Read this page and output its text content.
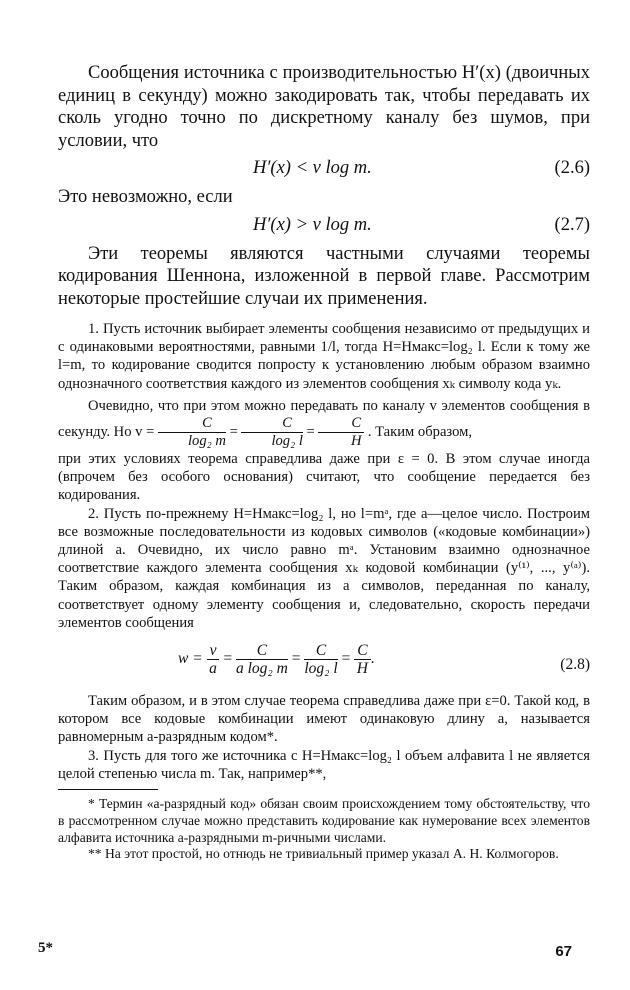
Сообщения источника с производительностью H′(x) (двоичных единиц в секунду) можно закодировать так, чтобы передавать их сколь угодно точно по дискретному каналу без шумов, при условии, что

H′(x) < v log m.	(2.6)

Это невозможно, если

H′(x) > v log m.	(2.7)

Эти теоремы являются частными случаями теоремы кодирования Шеннона, изложенной в первой главе. Рассмотрим некоторые простейшие случаи их применения.

1. Пусть источник выбирает элементы сообщения независимо от предыдущих и с одинаковыми вероятностями, равными 1/l, тогда H=Hмакс=log₂ l. Если к тому же l=m, то кодирование сводится попросту к установлению любым образом взаимно однозначного соответствия каждого из элементов сообщения xₖ символу кода yₖ.

Очевидно, что при этом можно передавать по каналу v элементов сообщения в секунду. Но $v = \frac{C}{\text{log₂ m}} = \frac{C}{\text{log₂ l}} = \frac{C}{H}$ . Таким образом,

при этих условиях теорема справедлива даже при ε = 0. В этом случае иногда (впрочем без особого основания) считают, что сообщение передается без кодирования.

2. Пусть по-прежнему H=Hмакс=log₂ l, но l=mᵃ, где a—целое число. Построим все возможные последовательности из кодовых символов («кодовые комбинации») длиной a. Очевидно, их число равно mᵃ. Установим взаимно однозначное соответствие каждого элемента сообщения xₖ кодовой комбинации (y⁽¹⁾, ..., y⁽ᵃ⁾). Таким образом, каждая комбинация из a символов, переданная по каналу, соответствует одному элементу сообщения и, следовательно, скорость передачи элементов сообщения

$w = \frac{v}{a} = \frac{C}{\text{a log₂ m}} = \frac{C}{\text{log₂ l}} = \frac{C}{H}$ .	(2.8)

Таким образом, и в этом случае теорема справедлива даже при ε=0. Такой код, в котором все кодовые комбинации имеют одинаковую длину a, называется равномерным a-разрядным кодом*.

3. Пусть для того же источника с H=Hмакс=log₂ l объем алфавита l не является целой степенью числа m. Так, например**,

* Термин «a-разрядный код» обязан своим происхождением тому обстоятельству, что в рассмотренном случае можно представить кодирование как нумерование всех элементов алфавита источника a-разрядными m-ричными числами.

** На этот простой, но отнюдь не тривиальный пример указал А. Н. Колмогоров.

5*	67
